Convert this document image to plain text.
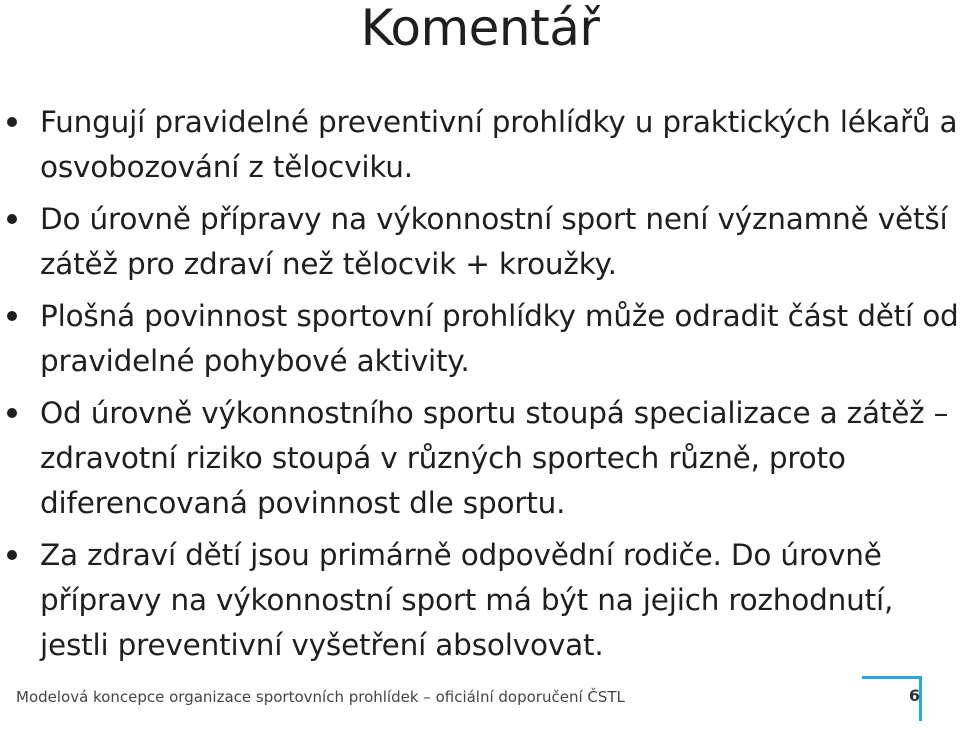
Komentář
Fungují pravidelné preventivní prohlídky u praktických lékařů a osvobozování z tělocviku.
Do úrovně přípravy na výkonnostní sport není významně větší zátěž pro zdraví než tělocvik + kroužky.
Plošná povinnost sportovní prohlídky může odradit část dětí od pravidelné pohybové aktivity.
Od úrovně výkonnostního sportu stoupá specializace a zátěž – zdravotní riziko stoupá v různých sportech různě, proto diferencovaná povinnost dle sportu.
Za zdraví dětí jsou primárně odpovědní rodiče. Do úrovně přípravy na výkonnostní sport má být na jejich rozhodnutí, jestli preventivní vyšetření absolvovat.
Modelová koncepce organizace sportovních prohlídek – oficiální doporučení ČSTL	6
